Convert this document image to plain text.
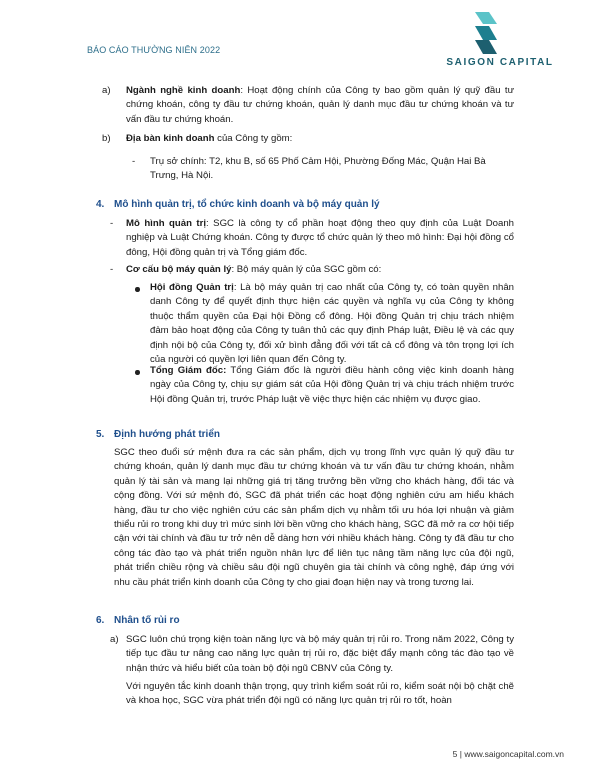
BÁO CÁO THƯỜNG NIÊN 2022
SAIGON CAPITAL
a) Ngành nghề kinh doanh: Hoạt động chính của Công ty bao gồm quản lý quỹ đầu tư chứng khoán, công ty đầu tư chứng khoán, quản lý danh mục đầu tư chứng khoán và tư vấn đầu tư chứng khoán.
b) Địa bàn kinh doanh của Công ty gồm:
- Trụ sở chính: T2, khu B, số 65 Phố Cảm Hội, Phường Đống Mác, Quận Hai Bà Trưng, Hà Nội.
4. Mô hình quản trị, tổ chức kinh doanh và bộ máy quản lý
- Mô hình quản trị: SGC là công ty cổ phần hoạt động theo quy định của Luật Doanh nghiệp và Luật Chứng khoán. Công ty được tổ chức quản lý theo mô hình: Đại hội đồng cổ đông, Hội đồng quản trị và Tổng giám đốc.
- Cơ cấu bộ máy quản lý: Bộ máy quản lý của SGC gồm có:
Hội đồng Quản trị: Là bộ máy quản trị cao nhất của Công ty, có toàn quyền nhân danh Công ty để quyết định thực hiện các quyền và nghĩa vụ của Công ty không thuộc thẩm quyền của Đại hội Đồng cổ đông. Hội đồng Quản trị chịu trách nhiệm đảm bảo hoạt động của Công ty tuân thủ các quy định Pháp luật, Điều lệ và các quy định nội bộ của Công ty, đối xử bình đẳng đối với tất cả cổ đông và tôn trọng lợi ích của người có quyền lợi liên quan đến Công ty.
Tổng Giám đốc: Tổng Giám đốc là người điều hành công việc kinh doanh hàng ngày của Công ty, chịu sự giám sát của Hội đồng Quản trị và chịu trách nhiệm trước Hội đồng Quản trị, trước Pháp luật về việc thực hiện các nhiệm vụ được giao.
5. Định hướng phát triển
SGC theo đuổi sứ mệnh đưa ra các sản phẩm, dịch vụ trong lĩnh vực quản lý quỹ đầu tư chứng khoán, quản lý danh mục đầu tư chứng khoán và tư vấn đầu tư chứng khoán, nhằm quản lý tài sản và mang lại những giá trị tăng trưởng bền vững cho khách hàng, đối tác và cộng đồng. Với sứ mệnh đó, SGC đã phát triển các hoạt động nghiên cứu am hiểu khách hàng, đầu tư cho việc nghiên cứu các sản phẩm dịch vụ nhằm tối ưu hóa lợi nhuận và giảm thiểu rủi ro trong khi duy trì mức sinh lời bền vững cho khách hàng, SGC đã mở ra cơ hội tiếp cận với tài chính và đầu tư trở nên dễ dàng hơn với nhiều khách hàng. Công ty đã đầu tư cho công tác đào tạo và phát triển nguồn nhân lực để liên tục nâng tầm năng lực của đội ngũ, phát triển chiều rộng và chiều sâu đội ngũ chuyên gia tài chính và công nghệ, đáp ứng với nhu cầu phát triển kinh doanh của Công ty cho giai đoạn hiện nay và trong tương lai.
6. Nhân tố rủi ro
a) SGC luôn chú trọng kiện toàn năng lực và bộ máy quản trị rủi ro. Trong năm 2022, Công ty tiếp tục đầu tư nâng cao năng lực quản trị rủi ro, đặc biệt đẩy mạnh công tác đào tạo về nhận thức và hiểu biết của toàn bộ đội ngũ CBNV của Công ty.
Với nguyên tắc kinh doanh thận trọng, quy trình kiểm soát rủi ro, kiểm soát nội bộ chặt chẽ và khoa học, SGC vừa phát triển đội ngũ có năng lực quản trị rủi ro tốt, hoàn
5 | www.saigoncapital.com.vn
